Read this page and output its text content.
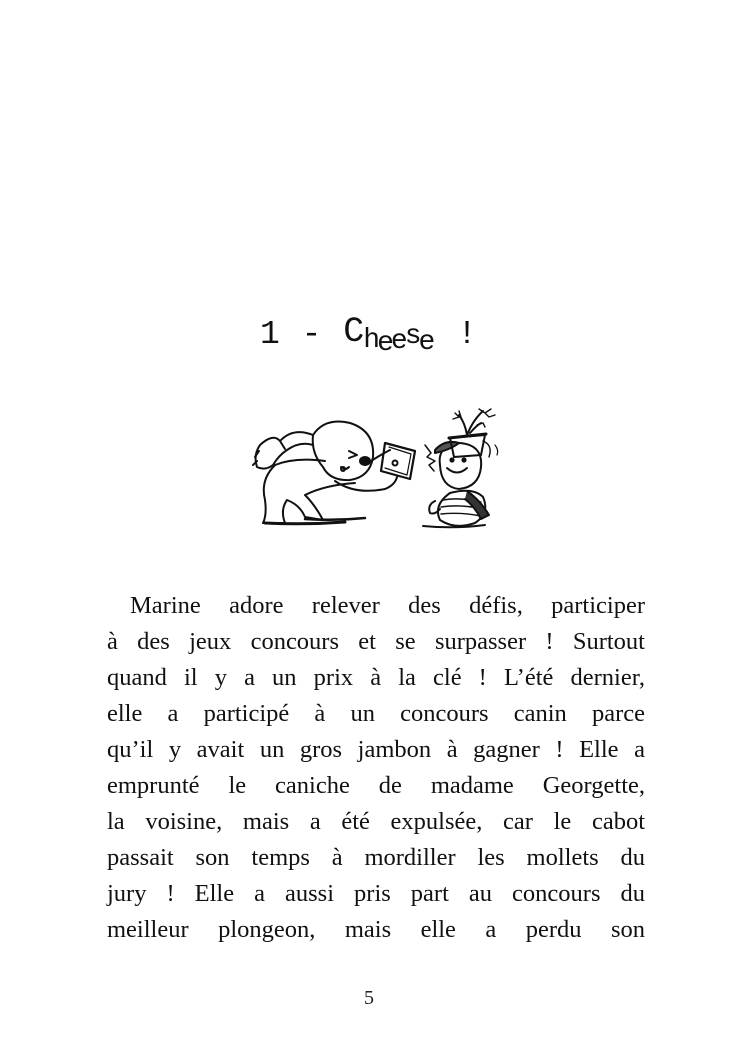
1 - Cheese !
Marine adore relever des défis, participer
à des jeux concours et se surpasser ! Surtout
quand il y a un prix à la clé ! L’été dernier,
elle a participé à un concours canin parce
qu’il y avait un gros jambon à gagner ! Elle a
emprunté le caniche de madame Georgette,
la voisine, mais a été expulsée, car le cabot
passait son temps à mordiller les mollets du
jury ! Elle a aussi pris part au concours du
meilleur plongeon, mais elle a perdu son
5
